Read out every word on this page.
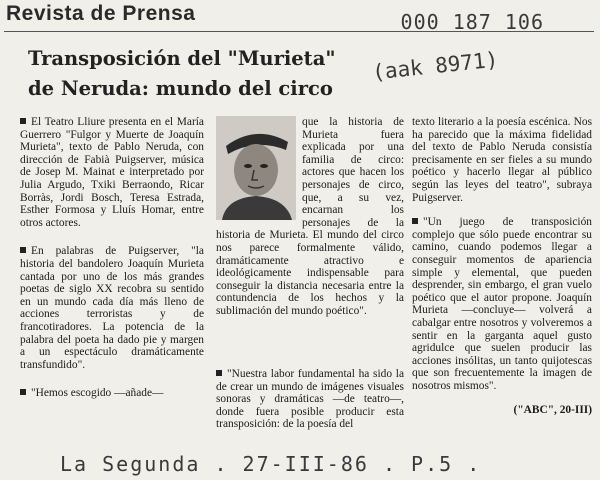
Revista de Prensa	000 187 106
(aak 8971)
Transposición del "Murieta"
de Neruda: mundo del circo

El Teatro Lliure presenta en el María Guerrero "Fulgor y Muerte de Joaquín Murieta", texto de Pablo Neruda, con dirección de Fabià Puigserver, música de Josep M. Mainat e interpretado por Julia Argudo, Txiki Berraondo, Ricar Borràs, Jordi Bosch, Teresa Estrada, Esther Formosa y Lluís Homar, entre otros actores.

En palabras de Puigserver, "la historia del bandolero Joaquín Murieta cantada por uno de los más grandes poetas de siglo XX recobra su sentido en un mundo cada día más lleno de acciones terroristas y de francotiradores. La potencia de la palabra del poeta ha dado pie y margen a un espectáculo dramáticamente transfundido".

"Hemos escogido —añade—

que la historia de Murieta fuera explicada por una familia de circo: actores que hacen los personajes de circo, que, a su vez, encarnan los personajes de la historia de Murieta. El mundo del circo nos parece formalmente válido, dramáticamente atractivo e ideológicamente indispensable para conseguir la distancia necesaria entre la contundencia de los hechos y la sublimación del mundo poético".

"Nuestra labor fundamental ha sido la de crear un mundo de imágenes visuales sonoras y dramáticas —de teatro—, donde fuera posible producir esta transposición: de la poesía del

texto literario a la poesía escénica. Nos ha parecido que la máxima fidelidad del texto de Pablo Neruda consistía precisamente en ser fieles a su mundo poético y hacerlo llegar al público según las leyes del teatro", subraya Puigserver.

"Un juego de transposición complejo que sólo puede encontrar su camino, cuando podemos llegar a conseguir momentos de apariencia simple y elemental, que pueden desprender, sin embargo, el gran vuelo poético que el autor propone. Joaquín Murieta —concluye— volverá a cabalgar entre nosotros y volveremos a sentir en la garganta aquel gusto agridulce que suelen producir las acciones insólitas, un tanto quijotescas que son frecuentemente la imagen de nosotros mismos".

("ABC", 20-III)
La Segunda . 27-III-86 . P.5 .
